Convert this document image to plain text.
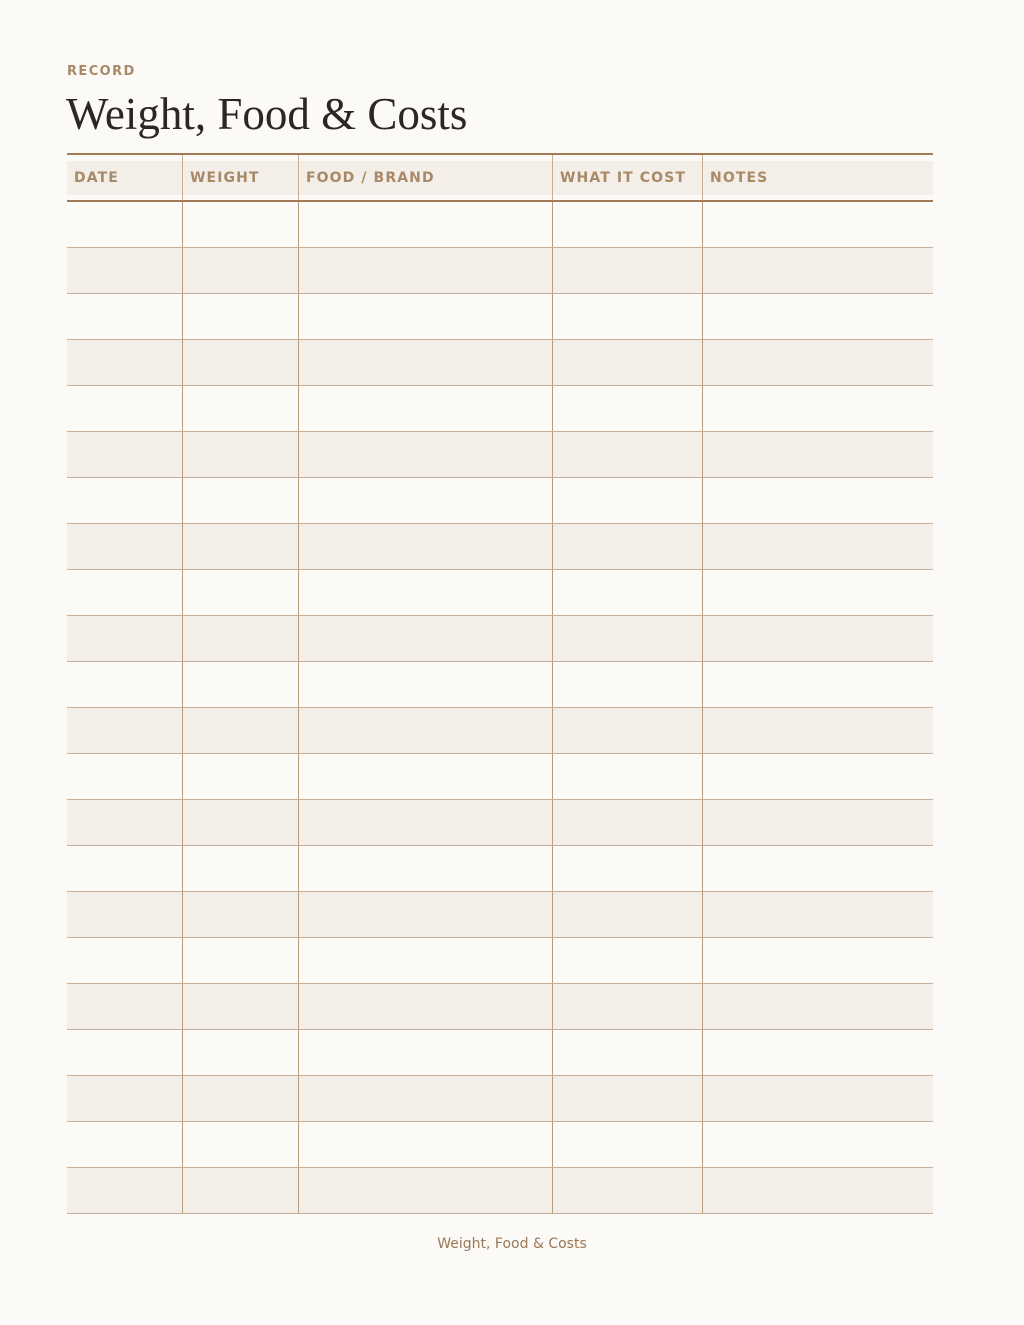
RECORD
Weight, Food & Costs
DATE	WEIGHT	FOOD / BRAND	WHAT IT COST	NOTES
Weight, Food & Costs
